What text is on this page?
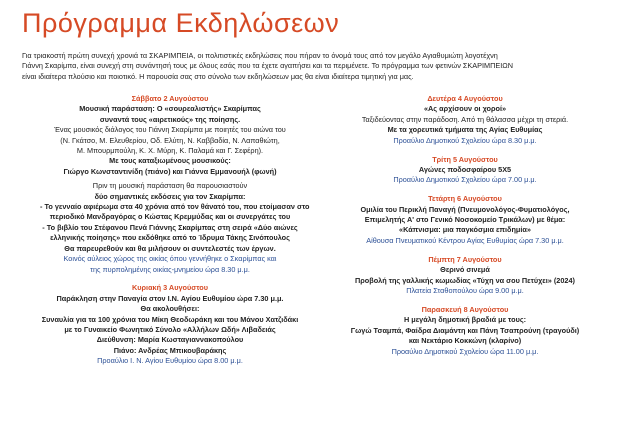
Πρόγραμμα Εκδηλώσεων

Για τριακοστή πρώτη συνεχή χρονιά τα ΣΚΑΡΙΜΠΕΙΑ, οι πολιτιστικές εκδηλώσεις που πήραν το όνομά τους από τον μεγάλο Αγιαθυμιώτη λογοτέχνη

Γιάννη Σκαρίμπα, είναι συνεχή στη συνάντησή τους με όλους εσάς που τα έχετε αγαπήσει και τα περιμένετε. Το πρόγραμμα των φετινών ΣΚΑΡΙΜΠΕΙΩΝ

είναι ιδιαίτερα πλούσιο και ποιοτικό. Η παρουσία σας στο σύνολο των εκδηλώσεων μας θα είναι ιδιαίτερα τιμητική για μας.

Σάββατο 2 Αυγούστου
Μουσική παράσταση: Ο «σουρεαλιστής» Σκαρίμπας
συναντά τους «αιρετικούς» της ποίησης.
Ένας μουσικός διάλογος του Γιάννη Σκαρίμπα με ποιητές του αιώνα του
(Ν. Γκάτσο, Μ. Ελευθερίου, Οδ. Ελύτη, Ν. Καββαδία, Ν. Λαπαθιώτη,
Μ. Μπουρμπούλη, Κ. Χ. Μύρη, Κ. Παλαμά και Γ. Σεφέρη).
Με τους καταξιωμένους μουσικούς:
Γιώργο Κωνσταντινίδη (πιάνο) και Γιάννα Εμμανουήλ (φωνή)
Πριν τη μουσική παράσταση θα παρουσιαστούν
δύο σημαντικές εκδόσεις για τον Σκαρίμπα:
- Το γενναίο αφιέρωμα στα 40 χρόνια από τον θάνατό του, που ετοίμασαν στο
περιοδικό Μανδραγόρας ο Κώστας Κρεμμύδας και οι συνεργάτες του
- Το βιβλίο του Στέφανου Πενά Γιάννης Σκαρίμπας στη σειρά «Δύο αιώνες
ελληνικής ποίησης» που εκδόθηκε από το Ίδρυμα Τάκης Σινόπουλος
Θα παρευρεθούν και θα μιλήσουν οι συντελεστές των έργων.
Κοινός αύλειος χώρος της οικίας όπου γεννήθηκε ο Σκαρίμπας και
της πυρπολημένης οικίας-μνημείου ώρα 8.30 μ.μ.
Κυριακή 3 Αυγούστου
Παράκληση στην Παναγία στον Ι.Ν. Αγίου Ευθυμίου ώρα 7.30 μ.μ.
Θα ακολουθήσει:
Συναυλία για τα 100 χρόνια του Μίκη Θεοδωράκη και του Μάνου Χατζιδάκι
με το Γυναικείο Φωνητικό Σύνολο «Αλλήλων Ωδή» Λιβαδειάς
Διεύθυνση: Μαρία Κωσταγιαννακοπούλου
Πιάνο: Ανδρέας Μπικουβαράκης
Προαύλιο Ι. Ν. Αγίου Ευθυμίου ώρα 8.00 μ.μ.
Δευτέρα 4 Αυγούστου
«Ας αρχίσουν οι χοροί»
Ταξιδεύοντας στην παράδοση. Από τη θάλασσα μέχρι τη στεριά.
Με τα χορευτικά τμήματα της Αγίας Ευθυμίας
Προαύλιο Δημοτικού Σχολείου ώρα 8.30 μ.μ.
Τρίτη 5 Αυγούστου
Αγώνες ποδοσφαίρου 5Χ5
Προαύλιο Δημοτικού Σχολείου ώρα 7.00 μ.μ.
Τετάρτη 6 Αυγούστου
Ομιλία του Περικλή Παναγή (Πνευμονολόγος-Φυματιολόγος,
Επιμελητής Α' στο Γενικό Νοσοκομείο Τρικάλων) με θέμα:
«Κάπνισμα: μια παγκόσμια επιδημία»
Αίθουσα Πνευματικού Κέντρου Αγίας Ευθυμίας ώρα 7.30 μ.μ.
Πέμπτη 7 Αυγούστου
Θερινό σινεμά
Προβολή της γαλλικής κωμωδίας «Τύχη να σου Πετύχει» (2024)
Πλατεία Σταθοπούλου ώρα 9.00 μ.μ.
Παρασκευή 8 Αυγούστου
Η μεγάλη δημοτική βραδιά με τους:
Γωγώ Τσαμπά, Φαίδρα Διαμάντη και Πάνη Τσαπρούνη (τραγούδι)
και Νεκτάριο Κοκκώνη (κλαρίνο)
Προαύλιο Δημοτικού Σχολείου ώρα 11.00 μ.μ.
